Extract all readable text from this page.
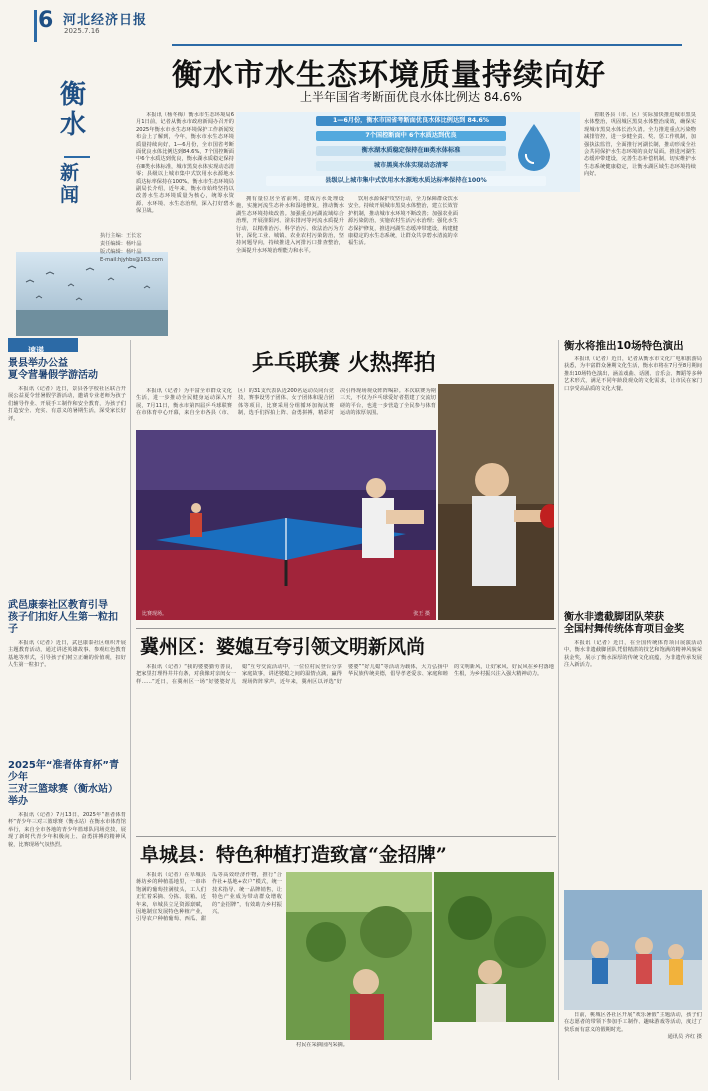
6 河北经济日报
2025.7.16
衡水
新闻
执行主编：王长宏
责任编辑：杨叶晶
版式编辑：杨叶晶
E-mail:hjyhbs@163.com
衡水市水生态环境质量持续向好
上半年国省考断面优良水体比例达 84.6%

本报讯（杨冬梅）衡水市生态环境局6月1日前，记者从衡水市政府新闻办召开的2025年衡水市水生态环境保护工作新闻发布会上了解到，今年，衡水市水生态环境质量持续向好，1—6月份，全市国省考断面优良水体比例达到84.6%，7个国控断面中6个水质达到优良，衡水湖水质稳定保持在Ⅲ类水体标准，城市黑臭水体实现动态清零；县级以上城市集中式饮用水水源地水质达标率保持在100%。衡水市生态环境局副局长介绍，近年来，衡水市始终坚持以改善水生态环境质量为核心，统筹水资源、水环境、水生态治理，深入打好碧水保卫战。

1—6月份，衡水市国省考断面优良水体比例达到 84.6%
7个国控断面中 6个水质达到优良
衡水湖水质稳定保持在Ⅲ类水体标准
城市黑臭水体实现动态清零
县级以上城市集中式饮用水水源地水质达标率保持在100%

拥有量位居全省前列，建成污水处理设施，实施河流生态补水和湿地修复，推动衡水湖生态环境持续改善。加强重点河湖流域综合治理，开展滏阳河、滏东排河等河流水质提升行动，以精准治污、科学治污、依法治污为方针，深化工业、城镇、农业农村污染防治，坚持问题导向，持续推进入河排污口排查整治，全面提升水环境治理能力和水平。

饮用水源保护攻坚行动，全力保障群众饮水安全。持续开展城市黑臭水体整治，建立长效管护机制，推动城市水环境不断改善；加强农业面源污染防治，实施农村生活污水治理；强化水生态保护修复，推进河湖生态缓冲带建设，构建健康稳定的水生态系统，让群众共享碧水清流的幸福生活。

着眼各县（市、区）实际加快推进城市黑臭水体整治，巩固城区黑臭水体整治成效，确保实现城市黑臭水体长治久清。全力推进重点污染物减排管控，进一步健全责、奖、惩工作机制，加强执法监管，全面推行河湖长制，推动形成全社会共同保护水生态环境的良好局面。推进河湖生态缓冲带建设，完善生态补偿机制，切实维护水生态系统健康稳定，让衡水湖区域生态环境持续向好。

速递
景县举办公益
夏令营暑假学游活动

本报讯（记者）近日，景县各学校社区联合开展公益夏令营暑假学游活动，邀请专业老师为孩子们辅导作业、开展手工制作和安全教育，为孩子们打造安全、充实、有意义的暑期生活，深受家长好评。

武邑康泰社区教育引导
孩子们扣好人生第一粒扣子

本报讯（记者）近日，武邑康泰社区组织开展主题教育活动，通过讲述英雄故事、参观红色教育基地等形式，引导孩子们树立正确的价值观，扣好人生第一粒扣子。

2025年“准者体育杯”青少年
三对三篮球赛（衡水站）举办

本报讯（记者）7月13日，2025年“准者体育杯”青少年三对三篮球赛（衡水站）在衡水市体育馆举行，来自全市各地的青少年篮球队同场竞技，展现了新时代青少年积极向上、奋勇拼搏的精神风貌，比赛现场气氛热烈。

乒乓联赛 火热挥拍

本报讯（记者）为丰富全市群众文化生活，进一步推动全民健身运动深入开展，7月11日，衡水市第四届乒乓球联赛在市体育中心开幕，来自全市各县（市、区）的31支代表队近200名运动员同台竞技，赛事设男子团体、女子团体和混合团体等项目，比赛采用分组循环加淘汰赛制，选手们挥拍上阵、奋勇拼搏，精彩对决引得现场观众阵阵喝彩。本次联赛为期三天，不仅为乒乓球爱好者搭建了交流切磋的平台，也进一步营造了全民参与体育运动的浓厚氛围。

比赛现场。	张王 摄
冀州区：婆媳互夸引领文明新风尚

本报讯（记者）“我的婆婆勤劳善良，把家里打理得井井有条，对我像对亲闺女一样……”近日，在冀州区一场“好婆婆好儿媳”互夸交流活动中，一位位村民登台分享家庭故事，讲述婆媳之间的温情点滴，赢得现场阵阵掌声。近年来，冀州区以评选“好婆婆”“好儿媳”等活动为载体，大力弘扬中华民族传统美德，倡导孝老爱亲、家庭和睦的文明新风，让好家风、好民风在乡村落地生根，为乡村振兴注入强大精神动力。

阜城县：特色种植打造致富“金招牌”

本报讯（记者）在阜城县蒋坊乡的种植基地里，一串串饱满的葡萄挂满枝头，工人们正忙着采摘、分拣、装箱。近年来，阜城县立足资源禀赋，因地制宜发展特色种植产业，引导农户种植葡萄、西瓜、甜瓜等高效经济作物，推行“合作社+基地+农户”模式，统一技术指导、统一品牌销售，让特色产业成为带动群众增收的“金招牌”，有效助力乡村振兴。

村民在采摘园内采摘。

衡水将推出10场特色演出

本报讯（记者）近日，记者从衡水市文化广电和旅游局获悉，为丰富群众暑期文化生活，衡水市将在7月至8月期间推出10场特色演出，涵盖戏曲、话剧、音乐会、舞蹈等多种艺术形式，满足不同年龄段观众的文化需求，让市民在家门口享受高品质的文化大餐。

衡水非遗截脚团队荣获
全国村舞传统体育项目金奖

本报讯（记者）近日，在全国传统体育项目展演活动中，衡水非遗截脚团队凭借精湛的技艺和饱满的精神风貌荣获金奖，展示了衡水深厚的传统文化底蕴，为非遗传承发展注入新活力。

日前，桃城区各社区开展“欢乐暑假”主题活动，孩子们在志愿者的带领下参加手工制作、趣味游戏等活动，度过了快乐而有意义的假期时光。

通讯员 齐红 摄
